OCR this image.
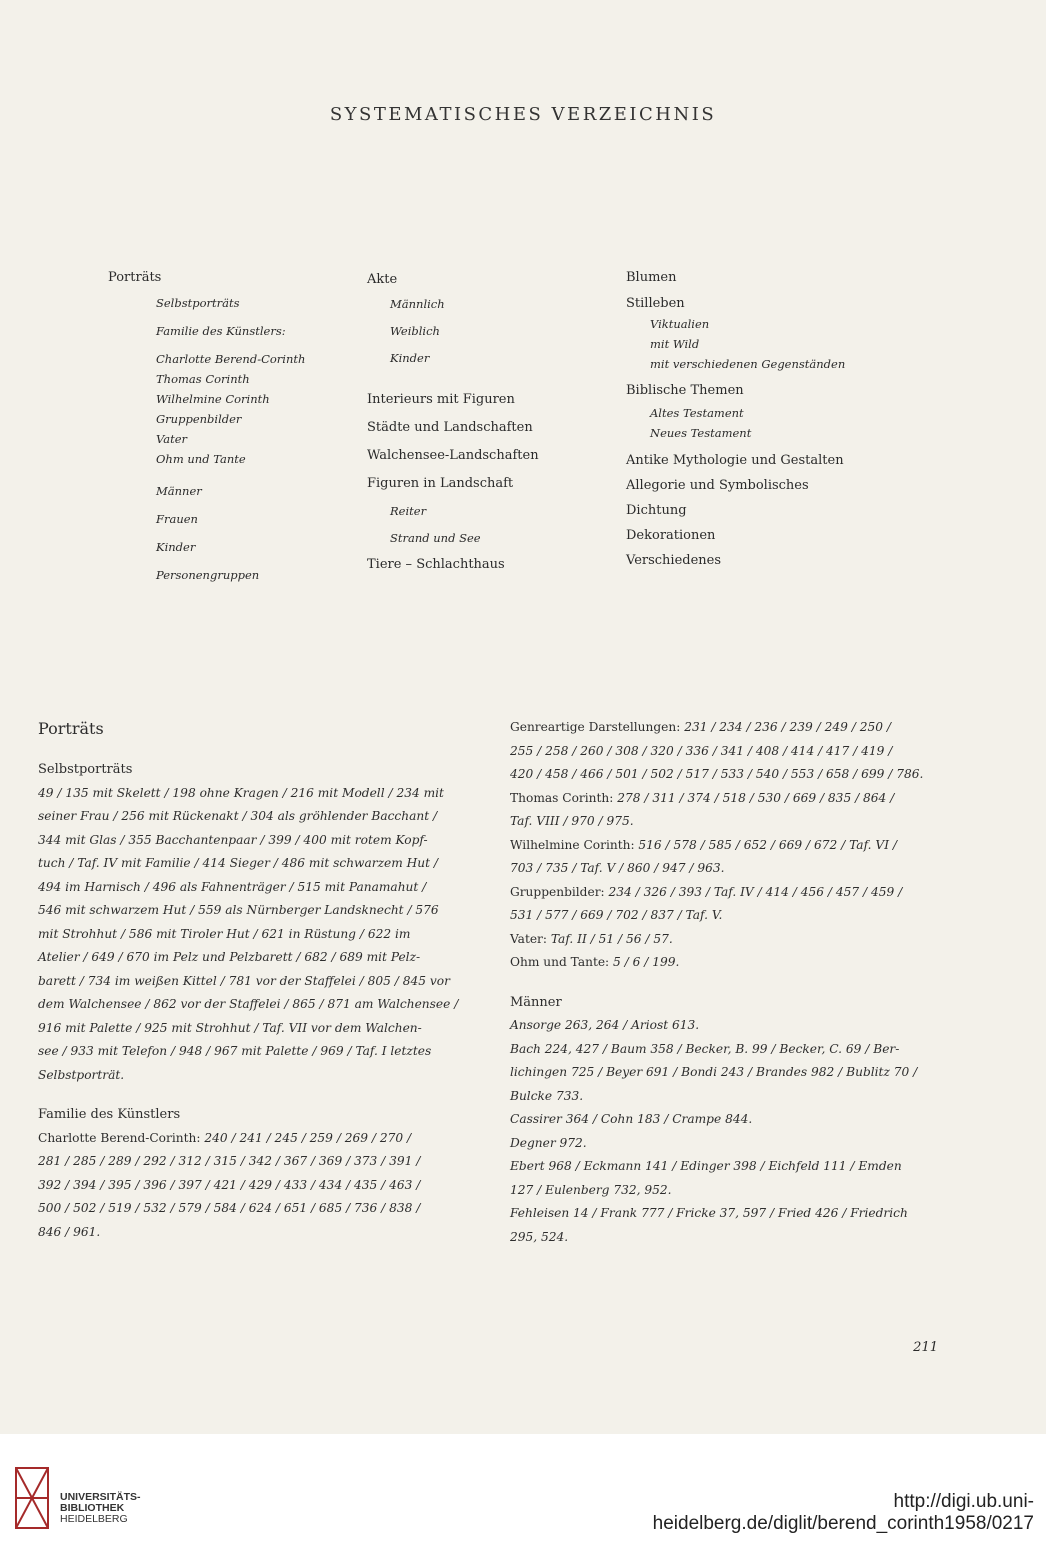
SYSTEMATISCHES VERZEICHNIS
Porträts
Selbstporträts
Familie des Künstlers:
Charlotte Berend-Corinth
Thomas Corinth
Wilhelmine Corinth
Gruppenbilder
Vater
Ohm und Tante
Männer
Frauen
Kinder
Personengruppen
Akte
Männlich
Weiblich
Kinder
Interieurs mit Figuren
Städte und Landschaften
Walchensee-Landschaften
Figuren in Landschaft
Reiter
Strand und See
Tiere – Schlachthaus
Blumen
Stilleben
Viktualien
mit Wild
mit verschiedenen Gegenständen
Biblische Themen
Altes Testament
Neues Testament
Antike Mythologie und Gestalten
Allegorie und Symbolisches
Dichtung
Dekorationen
Verschiedenes
Porträts
Selbstporträts
49 / 135 mit Skelett / 198 ohne Kragen / 216 mit Modell / 234 mit
seiner Frau / 256 mit Rückenakt / 304 als gröhlender Bacchant /
344 mit Glas / 355 Bacchantenpaar / 399 / 400 mit rotem Kopf-
tuch / Taf. IV mit Familie / 414 Sieger / 486 mit schwarzem Hut /
494 im Harnisch / 496 als Fahnenträger / 515 mit Panamahut /
546 mit schwarzem Hut / 559 als Nürnberger Landsknecht / 576
mit Strohhut / 586 mit Tiroler Hut / 621 in Rüstung / 622 im
Atelier / 649 / 670 im Pelz und Pelzbarett / 682 / 689 mit Pelz-
barett / 734 im weißen Kittel / 781 vor der Staffelei / 805 / 845 vor
dem Walchensee / 862 vor der Staffelei / 865 / 871 am Walchensee /
916 mit Palette / 925 mit Strohhut / Taf. VII vor dem Walchen-
see / 933 mit Telefon / 948 / 967 mit Palette / 969 / Taf. I letztes
Selbstporträt.
Familie des Künstlers
Charlotte Berend-Corinth: 240 / 241 / 245 / 259 / 269 / 270 /
281 / 285 / 289 / 292 / 312 / 315 / 342 / 367 / 369 / 373 / 391 /
392 / 394 / 395 / 396 / 397 / 421 / 429 / 433 / 434 / 435 / 463 /
500 / 502 / 519 / 532 / 579 / 584 / 624 / 651 / 685 / 736 / 838 /
846 / 961.
Genreartige Darstellungen: 231 / 234 / 236 / 239 / 249 / 250 /
255 / 258 / 260 / 308 / 320 / 336 / 341 / 408 / 414 / 417 / 419 /
420 / 458 / 466 / 501 / 502 / 517 / 533 / 540 / 553 / 658 / 699 / 786.
Thomas Corinth: 278 / 311 / 374 / 518 / 530 / 669 / 835 / 864 /
Taf. VIII / 970 / 975.
Wilhelmine Corinth: 516 / 578 / 585 / 652 / 669 / 672 / Taf. VI /
703 / 735 / Taf. V / 860 / 947 / 963.
Gruppenbilder: 234 / 326 / 393 / Taf. IV / 414 / 456 / 457 / 459 /
531 / 577 / 669 / 702 / 837 / Taf. V.
Vater: Taf. II / 51 / 56 / 57.
Ohm und Tante: 5 / 6 / 199.
Männer
Ansorge 263, 264 / Ariost 613.
Bach 224, 427 / Baum 358 / Becker, B. 99 / Becker, C. 69 / Ber-
lichingen 725 / Beyer 691 / Bondi 243 / Brandes 982 / Bublitz 70 /
Bulcke 733.
Cassirer 364 / Cohn 183 / Crampe 844.
Degner 972.
Ebert 968 / Eckmann 141 / Edinger 398 / Eichfeld 111 / Emden
127 / Eulenberg 732, 952.
Fehleisen 14 / Frank 777 / Fricke 37, 597 / Fried 426 / Friedrich
295, 524.
211
UNIVERSITÄTS-
BIBLIOTHEK
HEIDELBERG
http://digi.ub.uni-heidelberg.de/diglit/berend_corinth1958/0217
